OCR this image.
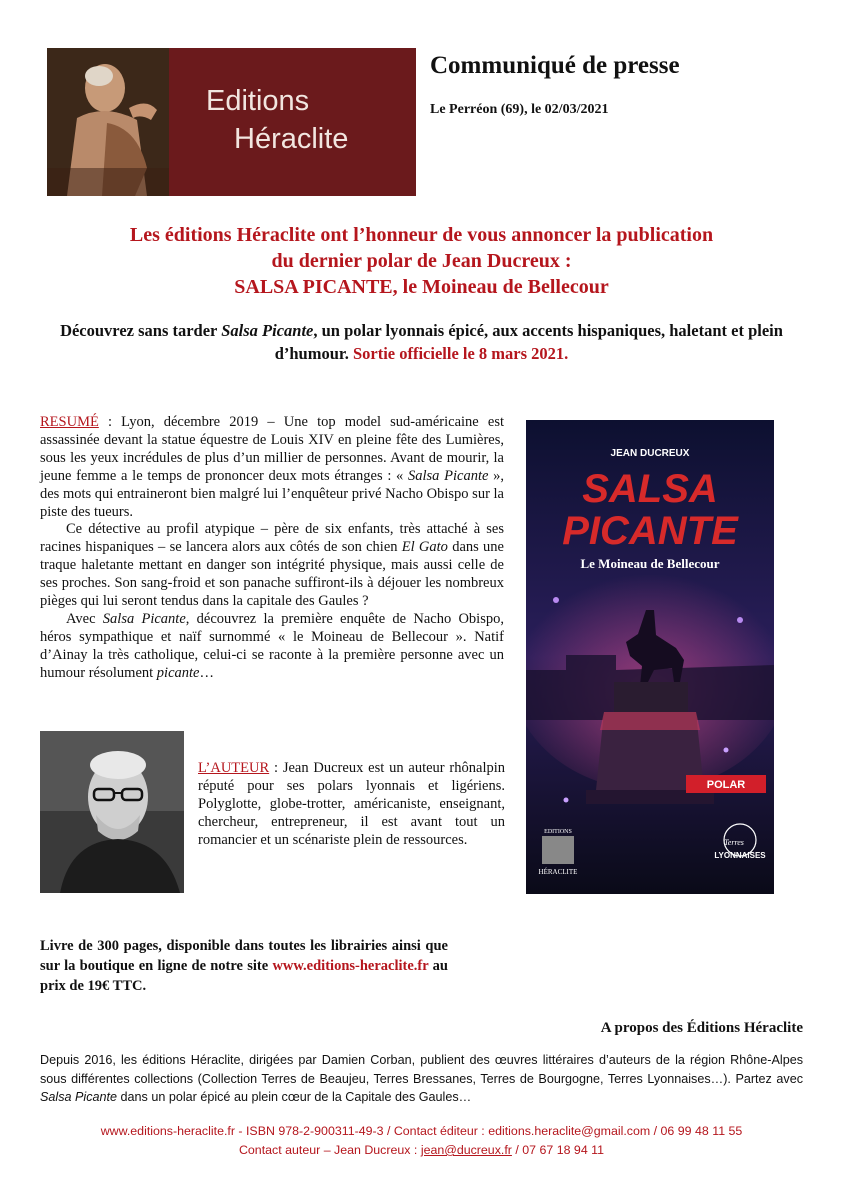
Editions
Héraclite
Communiqué de presse
Le Perréon (69), le 02/03/2021
Les éditions Héraclite ont l’honneur de vous annoncer la publication
du dernier polar de Jean Ducreux :
SALSA PICANTE, le Moineau de Bellecour
Découvrez sans tarder Salsa Picante, un polar lyonnais épicé, aux accents hispaniques, haletant et plein d’humour. Sortie officielle le 8 mars 2021.

RESUMÉ : Lyon, décembre 2019 – Une top model sud-américaine est assassinée devant la statue équestre de Louis XIV en pleine fête des Lumières, sous les yeux incrédules de plus d’un millier de personnes. Avant de mourir, la jeune femme a le temps de prononcer deux mots étranges : « Salsa Picante », des mots qui entraineront bien malgré lui l’enquêteur privé Nacho Obispo sur la piste des tueurs.

Ce détective au profil atypique – père de six enfants, très attaché à ses racines hispaniques – se lancera alors aux côtés de son chien El Gato dans une traque haletante mettant en danger son intégrité physique, mais aussi celle de ses proches. Son sang-froid et son panache suffiront-ils à déjouer les nombreux pièges qui lui seront tendus dans la capitale des Gaules ?

Avec Salsa Picante, découvrez la première enquête de Nacho Obispo, héros sympathique et naïf surnommé « le Moineau de Bellecour ». Natif d’Ainay la très catholique, celui-ci se raconte à la première personne avec un humour résolument picante…

L’AUTEUR : Jean Ducreux est un auteur rhônalpin réputé pour ses polars lyonnais et ligériens. Polyglotte, globe-trotter, américaniste, enseignant, chercheur, entrepreneur, il est avant tout un romancier et un scénariste plein de ressources.
JEAN DUCREUX
SALSA
PICANTE
Le Moineau de Bellecour
POLAR
EDITIONS
HÉRACLITE
Terres
LYONNAISES
Livre de 300 pages, disponible dans toutes les librairies ainsi que sur la boutique en ligne de notre site www.editions-heraclite.fr au prix de 19€ TTC.
A propos des Éditions Héraclite
Depuis 2016, les éditions Héraclite, dirigées par Damien Corban, publient des œuvres littéraires d’auteurs de la région Rhône-Alpes sous différentes collections (Collection Terres de Beaujeu, Terres Bressanes, Terres de Bourgogne, Terres Lyonnaises…). Partez avec Salsa Picante dans un polar épicé au plein cœur de la Capitale des Gaules…
www.editions-heraclite.fr - ISBN 978-2-900311-49-3 / Contact éditeur : editions.heraclite@gmail.com / 06 99 48 11 55
Contact auteur – Jean Ducreux : jean@ducreux.fr / 07 67 18 94 11
